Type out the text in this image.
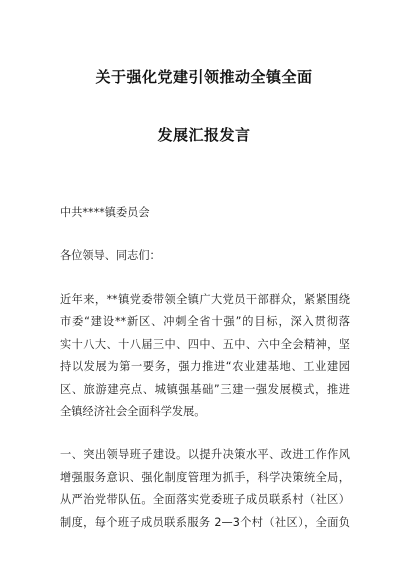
关于强化党建引领推动全镇全面
发展汇报发言
中共****镇委员会
各位领导、同志们：
近年来，**镇党委带领全镇广大党员干部群众，紧紧围绕
市委“建设**新区、冲刺全省十强”的目标，深入贯彻落
实十八大、十八届三中、四中、五中、六中全会精神，坚
持以发展为第一要务，强力推进“农业建基地、工业建园
区、旅游建亮点、城镇强基础”三建一强发展模式，推进
全镇经济社会全面科学发展。
一、突出领导班子建设。以提升决策水平、改进工作作风
增强服务意识、强化制度管理为抓手，科学决策统全局，
从严治党带队伍。全面落实党委班子成员联系村（社区）
制度，每个班子成员联系服务 2—3个村（社区），全面负
